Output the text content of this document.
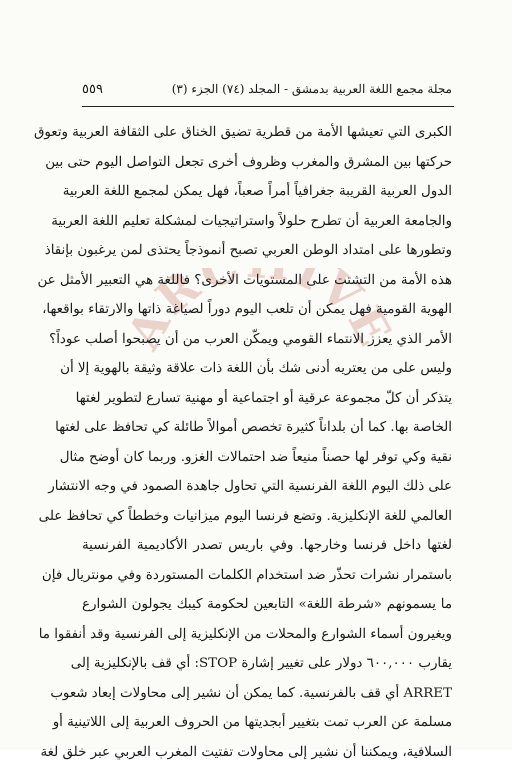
مجلة مجمع اللغة العربية بدمشق - المجلد (٧٤) الجزء (٣)
٥٥٩
ARC IVE
الكبرى التي تعيشها الأمة من قطرية تضيق الخناق على الثقافة العربية وتعوق
حركتها بين المشرق والمغرب وظروف أخرى تجعل التواصل اليوم حتى بين
الدول العربية القريبة جغرافياً أمراً صعباً، فهل يمكن لمجمع اللغة العربية
والجامعة العربية أن تطرح حلولاً واستراتيجيات لمشكلة تعليم اللغة العربية
وتطورها على امتداد الوطن العربي تصبح أنموذجاً يحتذى لمن يرغبون بإنقاذ
هذه الأمة من التشتت على المستويات الأخرى؟ فاللغة هي التعبير الأمثل عن
الهوية القومية فهل يمكن أن تلعب اليوم دوراً لصياغة ذاتها والارتقاء بواقعها،
الأمر الذي يعزز الانتماء القومي ويمكّن العرب من أن يصبحوا أصلب عوداً؟
وليس على من يعتريه أدنى شك بأن اللغة ذات علاقة وثيقة بالهوية إلا أن
يتذكر أن كلّ مجموعة عرقية أو اجتماعية أو مهنية تسارع لتطوير لغتها
الخاصة بها. كما أن بلداناً كثيرة تخصص أموالاً طائلة كي تحافظ على لغتها
نقية وكي توفر لها حصناً منيعاً ضد احتمالات الغزو. وربما كان أوضح مثال
على ذلك اليوم اللغة الفرنسية التي تحاول جاهدة الصمود في وجه الانتشار
العالمي للغة الإنكليزية. وتضع فرنسا اليوم ميزانيات وخططاً كي تحافظ على
لغتها داخل فرنسا وخارجها. وفي باريس تصدر الأكاديمية الفرنسية
باستمرار نشرات تحذّر ضد استخدام الكلمات المستوردة وفي مونتريال فإن
ما يسمونهم «شرطة اللغة» التابعين لحكومة كيبك يجولون الشوارع
ويغيرون أسماء الشوارع والمحلات من الإنكليزية إلى الفرنسية وقد أنفقوا ما
يقارب ٦٠٠,٠٠٠ دولار على تغيير إشارة STOP: أي قف بالإنكليزية إلى
ARRET أي قف بالفرنسية. كما يمكن أن نشير إلى محاولات إبعاد شعوب
مسلمة عن العرب تمت بتغيير أبجديتها من الحروف العربية إلى اللاتينية أو
السلافية، ويمكننا أن نشير إلى محاولات تفتيت المغرب العربي عبر خلق لغة
